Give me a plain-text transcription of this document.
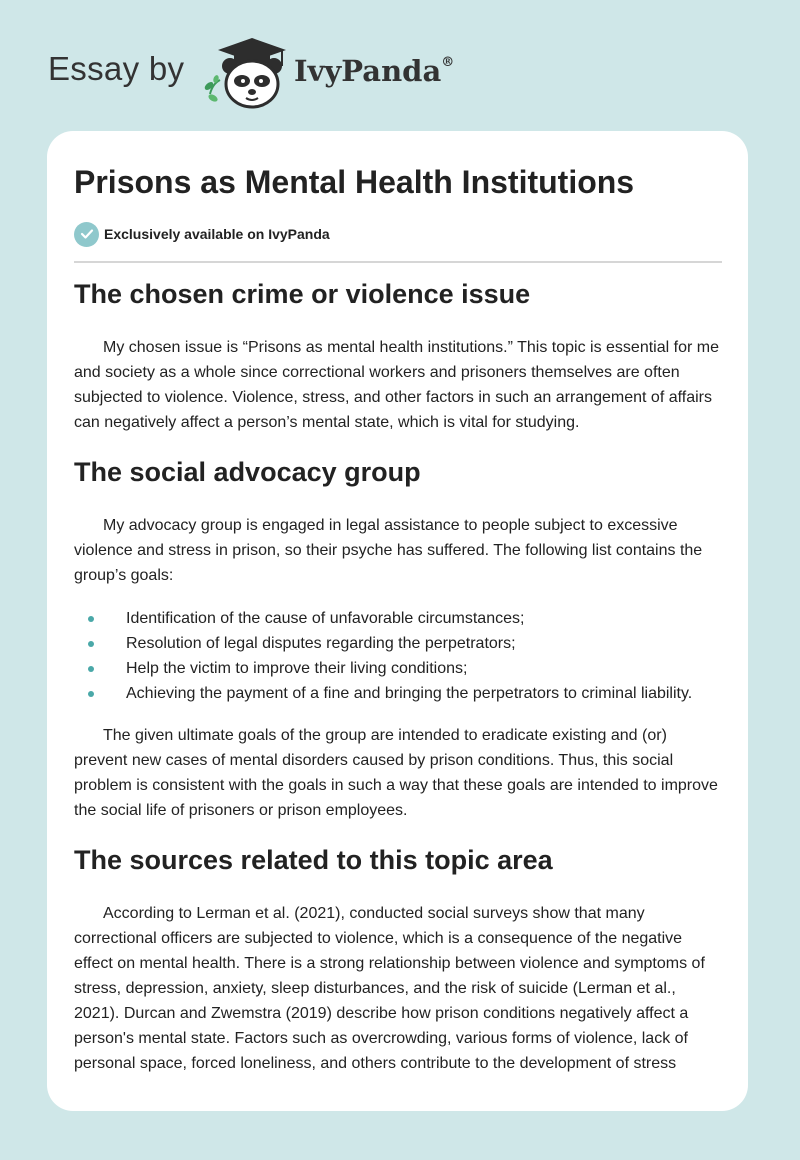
Essay by	IvyPanda®
Prisons as Mental Health Institutions
Exclusively available on IvyPanda
The chosen crime or violence issue

My chosen issue is “Prisons as mental health institutions.” This topic is essential for me and society as a whole since correctional workers and prisoners themselves are often subjected to violence. Violence, stress, and other factors in such an arrangement of affairs can negatively affect a person’s mental state, which is vital for studying.

The social advocacy group

My advocacy group is engaged in legal assistance to people subject to excessive violence and stress in prison, so their psyche has suffered. The following list contains the group’s goals:

Identification of the cause of unfavorable circumstances;
Resolution of legal disputes regarding the perpetrators;
Help the victim to improve their living conditions;
Achieving the payment of a fine and bringing the perpetrators to criminal liability.

The given ultimate goals of the group are intended to eradicate existing and (or) prevent new cases of mental disorders caused by prison conditions. Thus, this social problem is consistent with the goals in such a way that these goals are intended to improve the social life of prisoners or prison employees.

The sources related to this topic area

According to Lerman et al. (2021), conducted social surveys show that many correctional officers are subjected to violence, which is a consequence of the negative effect on mental health. There is a strong relationship between violence and symptoms of stress, depression, anxiety, sleep disturbances, and the risk of suicide (Lerman et al., 2021). Durcan and Zwemstra (2019) describe how prison conditions negatively affect a person's mental state. Factors such as overcrowding, various forms of violence, lack of personal space, forced loneliness, and others contribute to the development of stress
